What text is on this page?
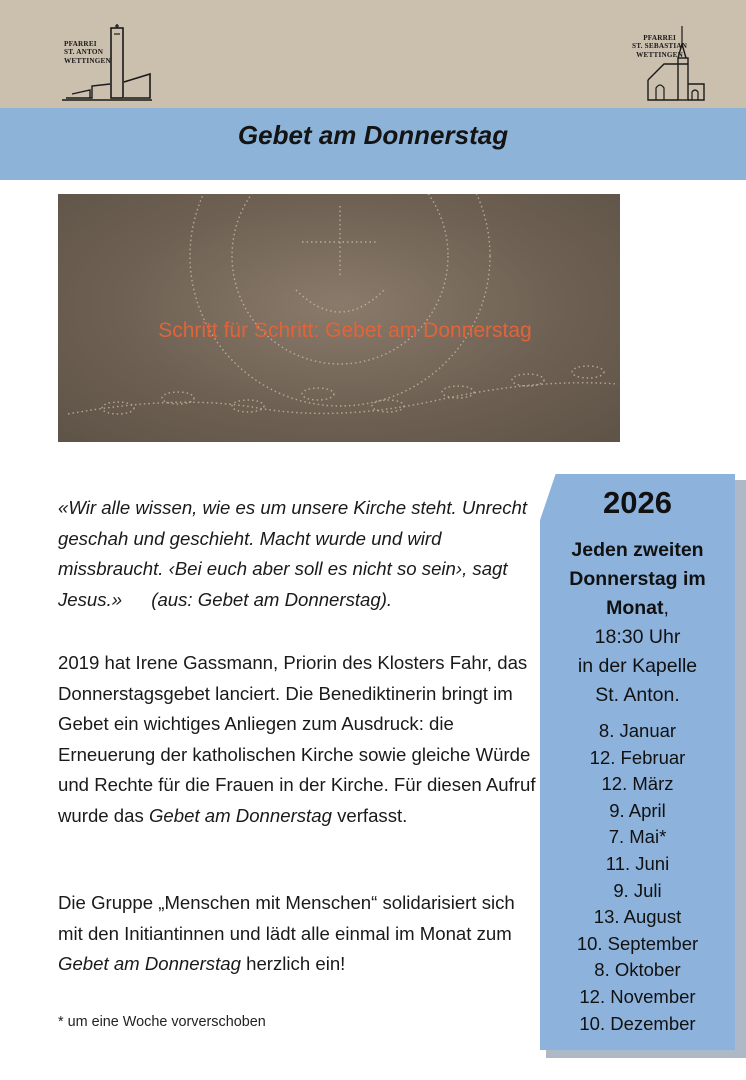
PFARREI
ST. ANTON
WETTINGEN
PFARREI
ST. SEBASTIAN
WETTINGEN
Gebet am Donnerstag
Schritt für Schritt: Gebet am Donnerstag
«Wir alle wissen, wie es um unsere Kirche steht. Unrecht geschah und geschieht. Macht wurde und wird missbraucht. ‹Bei euch aber soll es nicht so sein›, sagt Jesus.» (aus: Gebet am Donnerstag).
2019 hat Irene Gassmann, Priorin des Klosters Fahr, das Donnerstagsgebet lanciert. Die Benediktinerin bringt im Gebet ein wichtiges Anliegen zum Ausdruck: die Erneuerung der katholischen Kirche sowie gleiche Würde und Rechte für die Frauen in der Kirche. Für diesen Aufruf wurde das Gebet am Donnerstag verfasst.
Die Gruppe „Menschen mit Menschen“ solidarisiert sich mit den Initiantinnen und lädt alle einmal im Monat zum Gebet am Donnerstag herzlich ein!
* um eine Woche vorverschoben
2026
Jeden zweiten Donnerstag im Monat,
18:30 Uhr
in der Kapelle
St. Anton.
8. Januar
12. Februar
12. März
9. April
7. Mai*
11. Juni
9. Juli
13. August
10. September
8. Oktober
12. November
10. Dezember
